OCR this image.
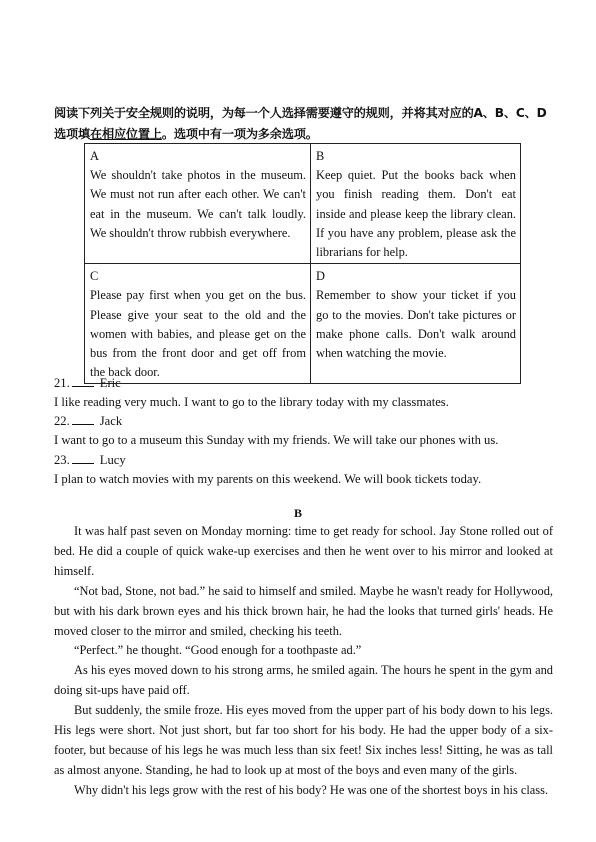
阅读下列关于安全规则的说明，为每一个人选择需要遵守的规则，并将其对应的A、B、C、D选项填在相应位置上。选项中有一项为多余选项。
A
We shouldn't take photos in the museum. We must not run after each other. We can't eat in the museum. We can't talk loudly. We shouldn't throw rubbish everywhere.	B
Keep quiet. Put the books back when you finish reading them. Don't eat inside and please keep the library clean. If you have any problem, please ask the librarians for help.

C
Please pay first when you get on the bus. Please give your seat to the old and the women with babies, and please get on the bus from the front door and get off from the back door.	D
Remember to show your ticket if you go to the movies. Don't take pictures or make phone calls. Don't walk around when watching the movie.
21. Eric
I like reading very much. I want to go to the library today with my classmates.
22. Jack
I want to go to a museum this Sunday with my friends. We will take our phones with us.
23. Lucy
I plan to watch movies with my parents on this weekend. We will book tickets today.
B

It was half past seven on Monday morning: time to get ready for school. Jay Stone rolled out of bed. He did a couple of quick wake-up exercises and then he went over to his mirror and looked at himself.

“Not bad, Stone, not bad.” he said to himself and smiled. Maybe he wasn't ready for Hollywood, but with his dark brown eyes and his thick brown hair, he had the looks that turned girls' heads. He moved closer to the mirror and smiled, checking his teeth.

“Perfect.” he thought. “Good enough for a toothpaste ad.”

As his eyes moved down to his strong arms, he smiled again. The hours he spent in the gym and doing sit-ups have paid off.

But suddenly, the smile froze. His eyes moved from the upper part of his body down to his legs. His legs were short. Not just short, but far too short for his body. He had the upper body of a six-footer, but because of his legs he was much less than six feet! Six inches less! Sitting, he was as tall as almost anyone. Standing, he had to look up at most of the boys and even many of the girls.

Why didn't his legs grow with the rest of his body? He was one of the shortest boys in his class.
